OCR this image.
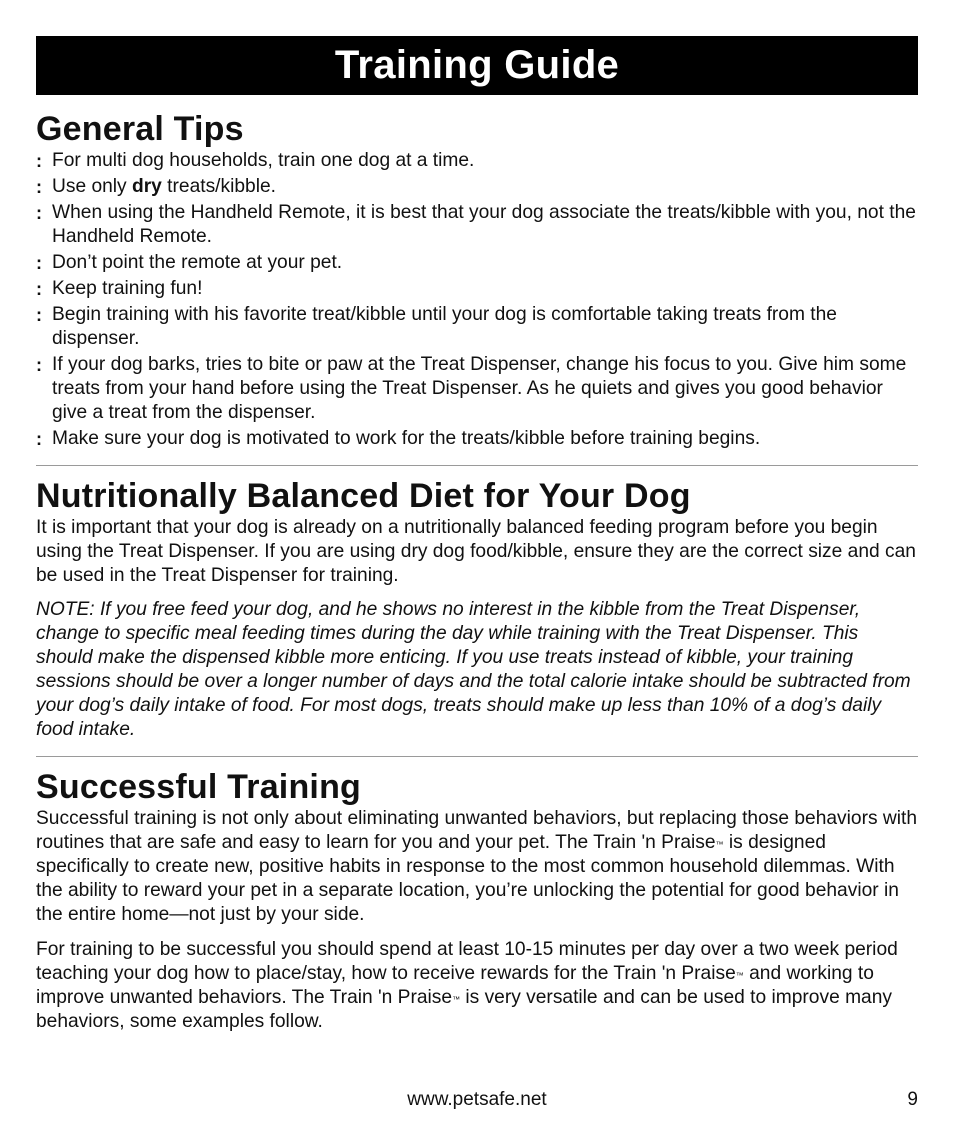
Training Guide
General Tips
: For multi dog households, train one dog at a time.
: Use only dry treats/kibble.
: When using the Handheld Remote, it is best that your dog associate the treats/kibble with you, not the Handheld Remote.
: Don’t point the remote at your pet.
: Keep training fun!
: Begin training with his favorite treat/kibble until your dog is comfortable taking treats from the dispenser.
: If your dog barks, tries to bite or paw at the Treat Dispenser, change his focus to you. Give him some treats from your hand before using the Treat Dispenser. As he quiets and gives you good behavior give a treat from the dispenser.
: Make sure your dog is motivated to work for the treats/kibble before training begins.
Nutritionally Balanced Diet for Your Dog

It is important that your dog is already on a nutritionally balanced feeding program before you begin using the Treat Dispenser. If you are using dry dog food/kibble, ensure they are the correct size and can be used in the Treat Dispenser for training.

NOTE: If you free feed your dog, and he shows no interest in the kibble from the Treat Dispenser, change to specific meal feeding times during the day while training with the Treat Dispenser. This should make the dispensed kibble more enticing. If you use treats instead of kibble, your training sessions should be over a longer number of days and the total calorie intake should be subtracted from your dog’s daily intake of food. For most dogs, treats should make up less than 10% of a dog’s daily food intake.

Successful Training

Successful training is not only about eliminating unwanted behaviors, but replacing those behaviors with routines that are safe and easy to learn for you and your pet. The Train 'n Praise™ is designed specifically to create new, positive habits in response to the most common household dilemmas. With the ability to reward your pet in a separate location, you’re unlocking the potential for good behavior in the entire home—not just by your side.

For training to be successful you should spend at least 10-15 minutes per day over a two week period teaching your dog how to place/stay, how to receive rewards for the Train 'n Praise™ and working to improve unwanted behaviors. The Train 'n Praise™ is very versatile and can be used to improve many behaviors, some examples follow.

www.petsafe.net	9
